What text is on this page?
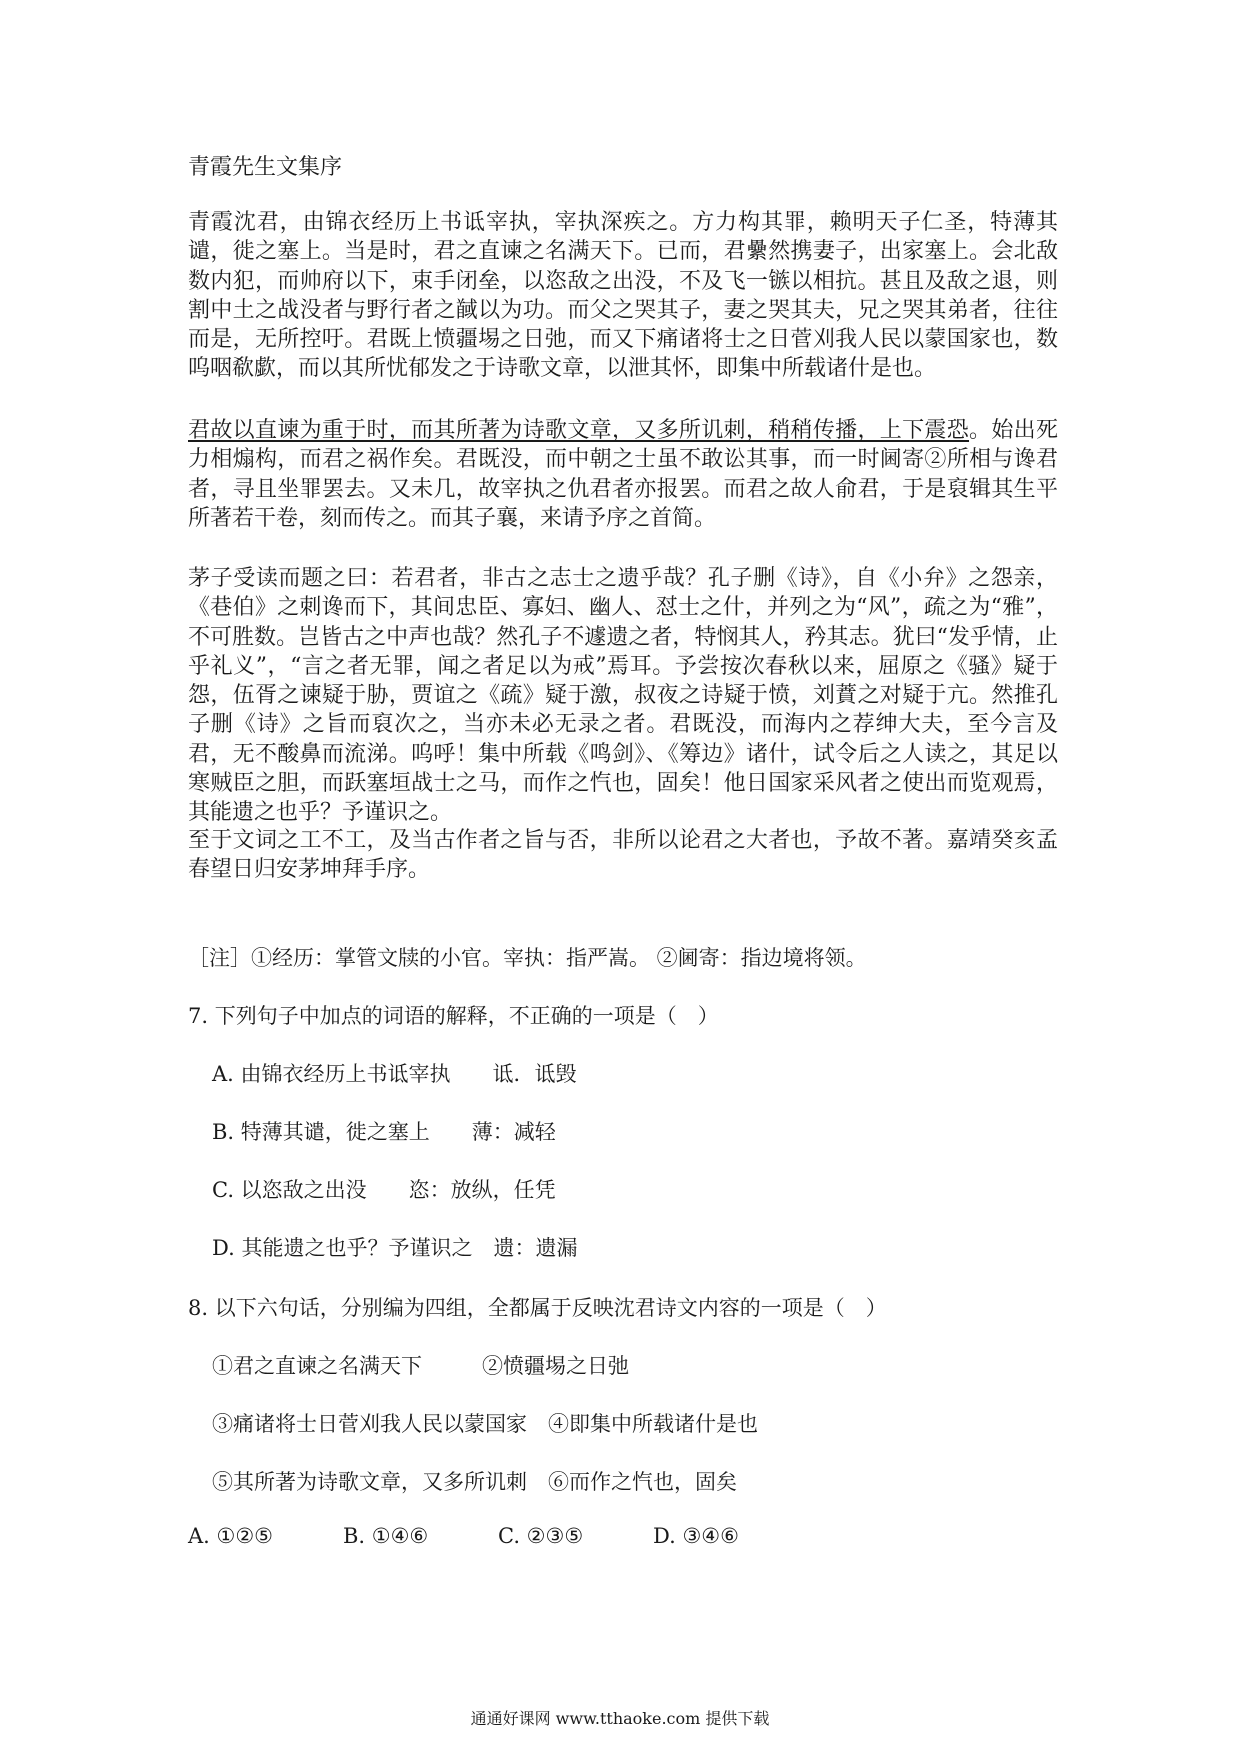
青霞先生文集序
青霞沈君，由锦衣经历上书诋宰执，宰执深疾之。方力构其罪，赖明天子仁圣，特薄其谴，徙之塞上。当是时，君之直谏之名满天下。已而，君纍然携妻子，出家塞上。会北敌数内犯，而帅府以下，束手闭垒，以恣敌之出没，不及飞一镞以相抗。甚且及敌之退，则割中土之战没者与野行者之馘以为功。而父之哭其子，妻之哭其夫，兄之哭其弟者，往往而是，无所控吁。君既上愤疆埸之日弛，而又下痛诸将士之日菅刈我人民以蒙国家也，数呜咽欷歔，而以其所忧郁发之于诗歌文章，以泄其怀，即集中所载诸什是也。
君故以直谏为重于时，而其所著为诗歌文章，又多所讥刺，稍稍传播，上下震恐。始出死力相煽构，而君之祸作矣。君既没，而中朝之士虽不敢讼其事，而一时阃寄②所相与谗君者，寻且坐罪罢去。又未几，故宰执之仇君者亦报罢。而君之故人俞君，于是裒辑其生平所著若干卷，刻而传之。而其子襄，来请予序之首简。
茅子受读而题之曰：若君者，非古之志士之遗乎哉？孔子删《诗》，自《小弁》之怨亲，《巷伯》之刺谗而下，其间忠臣、寡妇、幽人、怼士之什，并列之为“风”，疏之为“雅”，不可胜数。岂皆古之中声也哉？然孔子不遽遗之者，特悯其人，矜其志。犹曰“发乎情，止乎礼义”，“言之者无罪，闻之者足以为戒”焉耳。予尝按次春秋以来，屈原之《骚》疑于怨，伍胥之谏疑于胁，贾谊之《疏》疑于激，叔夜之诗疑于愤，刘蕡之对疑于亢。然推孔子删《诗》之旨而裒次之，当亦未必无录之者。君既没，而海内之荐绅大夫，至今言及君，无不酸鼻而流涕。呜呼！集中所载《鸣剑》、《筹边》诸什，试令后之人读之，其足以寒贼臣之胆，而跃塞垣战士之马，而作之忾也，固矣！他日国家采风者之使出而览观焉，其能遗之也乎？予谨识之。
至于文词之工不工，及当古作者之旨与否，非所以论君之大者也，予故不著。嘉靖癸亥孟春望日归安茅坤拜手序。
［注］①经历：掌管文牍的小官。宰执：指严嵩。 ②阃寄：指边境将领。
7. 下列句子中加点的词语的解释，不正确的一项是（　）
A. 由锦衣经历上书诋宰执　　诋．诋毁
B. 特薄其谴，徙之塞上　　薄：减轻
C. 以恣敌之出没　　恣：放纵，任凭
D. 其能遗之也乎？予谨识之　遗：遗漏
8. 以下六句话，分别编为四组，全都属于反映沈君诗文内容的一项是（　）
①君之直谏之名满天下	②愤疆埸之日弛
③痛诸将士日菅刈我人民以蒙国家 ④即集中所载诸什是也
⑤其所著为诗歌文章，又多所讥刺 ⑥而作之忾也，固矣
A. ①②⑤	B. ①④⑥	C. ②③⑤	D. ③④⑥
通通好课网 www.tthaoke.com 提供下载
